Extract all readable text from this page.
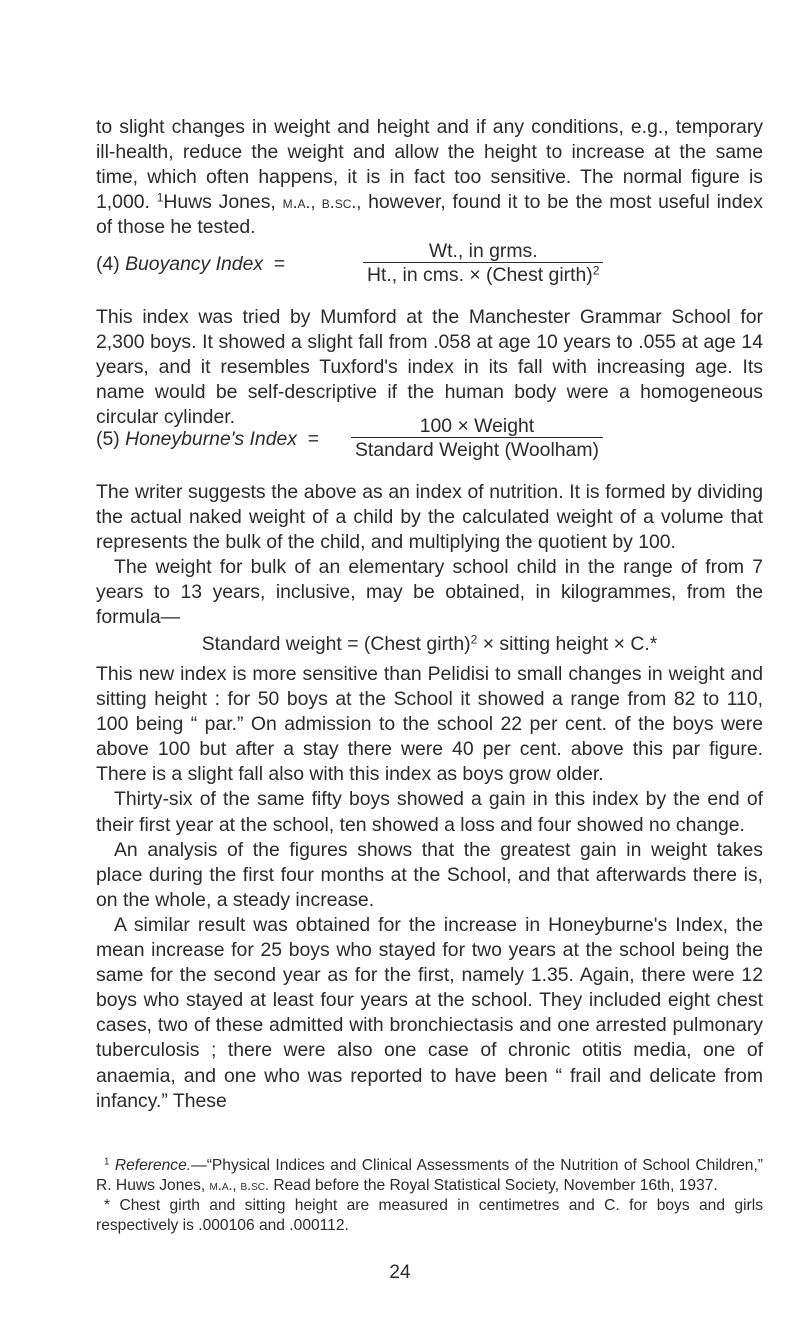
to slight changes in weight and height and if any conditions, e.g., temporary ill-health, reduce the weight and allow the height to increase at the same time, which often happens, it is in fact too sensitive. The normal figure is 1,000. $^1$Huws Jones, m.a., b.sc., however, found it to be the most useful index of those he tested.

(4) Buoyancy Index =
Wt., in grms.
Ht., in cms. × (Chest girth)$^2$

This index was tried by Mumford at the Manchester Grammar School for 2,300 boys. It showed a slight fall from .058 at age 10 years to .055 at age 14 years, and it resembles Tuxford's index in its fall with increasing age. Its name would be self-descriptive if the human body were a homogeneous circular cylinder.

(5) Honeyburne's Index =
100 × Weight
Standard Weight (Woolham)

The writer suggests the above as an index of nutrition. It is formed by dividing the actual naked weight of a child by the calculated weight of a volume that represents the bulk of the child, and multiplying the quotient by 100.

The weight for bulk of an elementary school child in the range of from 7 years to 13 years, inclusive, may be obtained, in kilogrammes, from the formula—

Standard weight = (Chest girth)$^2$ × sitting height × C.*

This new index is more sensitive than Pelidisi to small changes in weight and sitting height : for 50 boys at the School it showed a range from 82 to 110, 100 being “ par.” On admission to the school 22 per cent. of the boys were above 100 but after a stay there were 40 per cent. above this par figure. There is a slight fall also with this index as boys grow older.

Thirty-six of the same fifty boys showed a gain in this index by the end of their first year at the school, ten showed a loss and four showed no change.

An analysis of the figures shows that the greatest gain in weight takes place during the first four months at the School, and that afterwards there is, on the whole, a steady increase.

A similar result was obtained for the increase in Honeyburne's Index, the mean increase for 25 boys who stayed for two years at the school being the same for the second year as for the first, namely 1.35. Again, there were 12 boys who stayed at least four years at the school. They included eight chest cases, two of these admitted with bronchiectasis and one arrested pulmonary tuberculosis ; there were also one case of chronic otitis media, one of anaemia, and one who was reported to have been “ frail and delicate from infancy.” These

$^1$ Reference.—“Physical Indices and Clinical Assessments of the Nutrition of School Children,” R. Huws Jones, m.a., b.sc. Read before the Royal Statistical Society, November 16th, 1937.

* Chest girth and sitting height are measured in centimetres and C. for boys and girls respectively is .000106 and .000112.

24
